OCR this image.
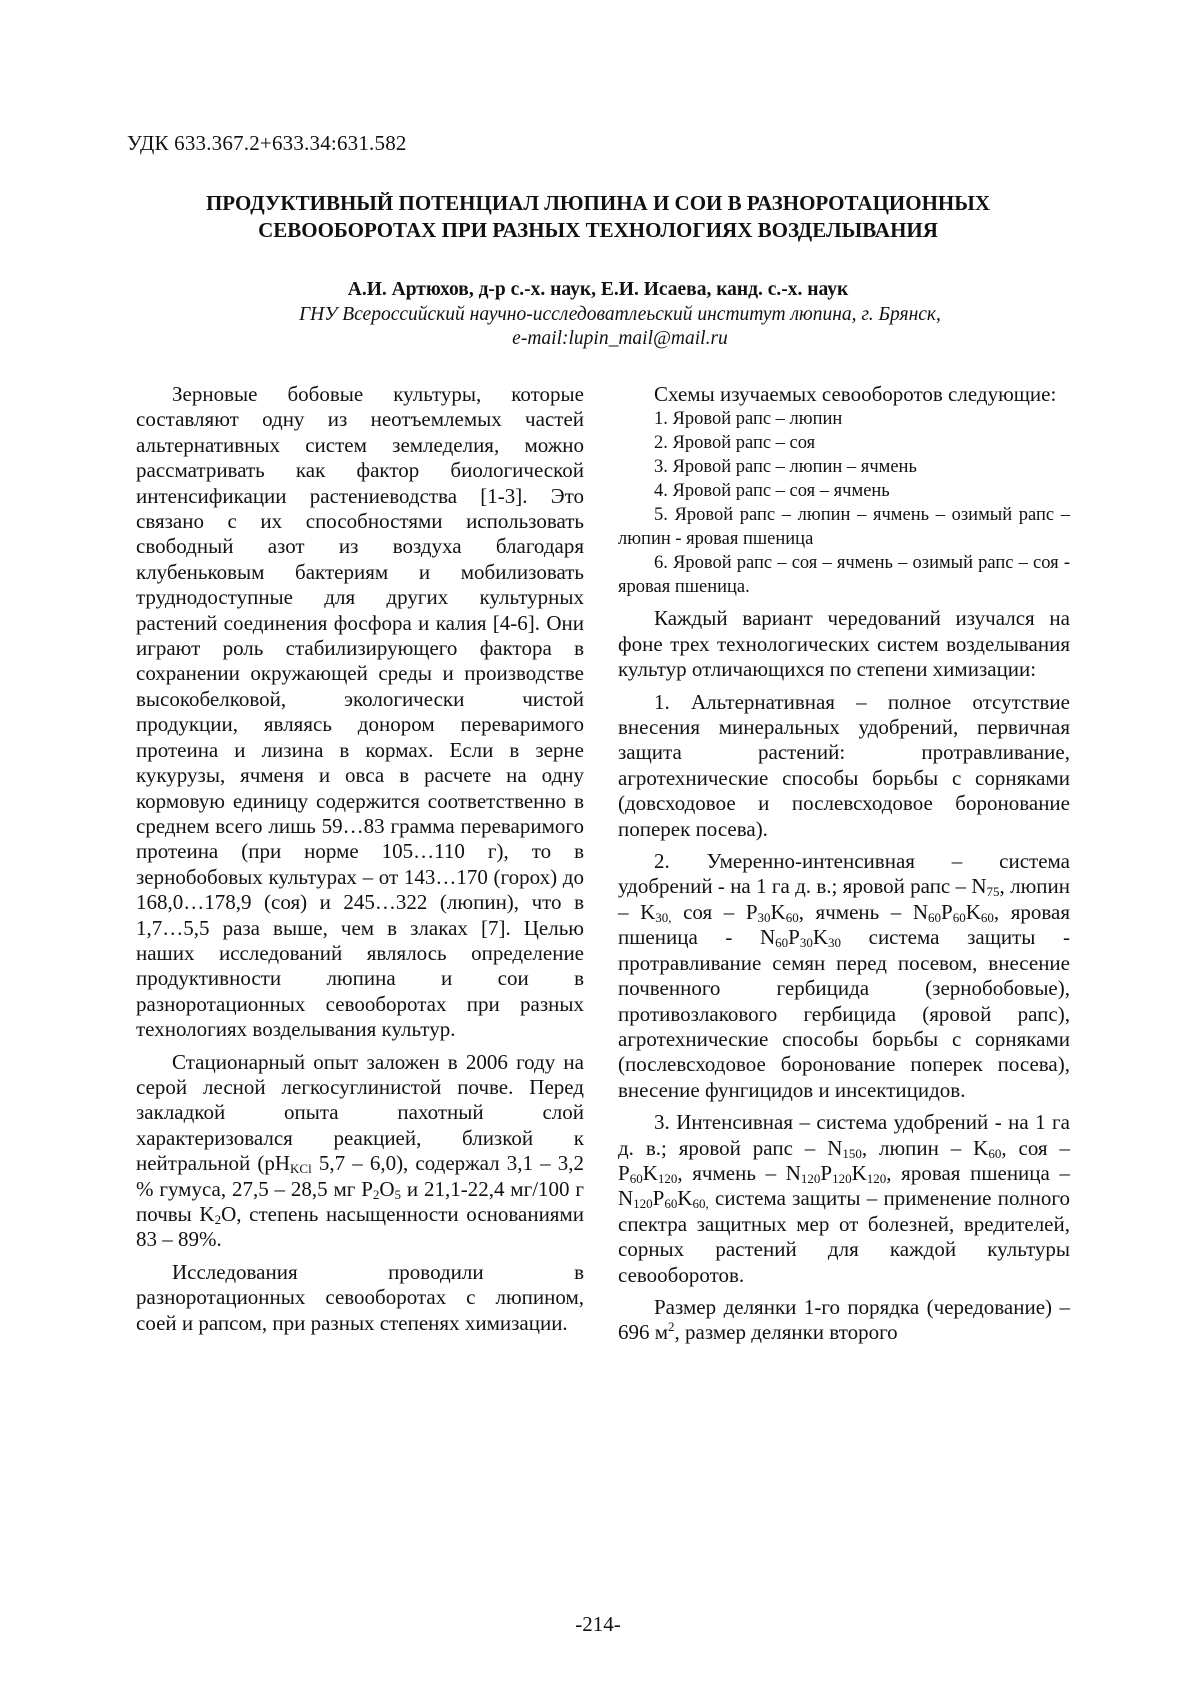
УДК 633.367.2+633.34:631.582
ПРОДУКТИВНЫЙ ПОТЕНЦИАЛ ЛЮПИНА И СОИ В РАЗНОРОТАЦИОННЫХ СЕВООБОРОТАХ ПРИ РАЗНЫХ ТЕХНОЛОГИЯХ ВОЗДЕЛЫВАНИЯ
А.И. Артюхов, д-р с.-х. наук, Е.И. Исаева, канд. с.-х. наук
ГНУ Всероссийский научно-исследоватлеьский институт люпина, г. Брянск,
e-mail:lupin_mail@mail.ru

Зерновые бобовые культуры, которые составляют одну из неотъемлемых частей альтернативных систем земледелия, можно рассматривать как фактор биологической интенсификации растениеводства [1-3]. Это связано с их способностями использовать свободный азот из воздуха благодаря клубеньковым бактериям и мобилизовать труднодоступные для других культурных растений соединения фосфора и калия [4-6]. Они играют роль стабилизирующего фактора в сохранении окружающей среды и производстве высокобелковой, экологически чистой продукции, являясь донором переваримого протеина и лизина в кормах. Если в зерне кукурузы, ячменя и овса в расчете на одну кормовую единицу содержится соответственно в среднем всего лишь 59…83 грамма переваримого протеина (при норме 105…110 г), то в зернобобовых культурах – от 143…170 (горох) до 168,0…178,9 (соя) и 245…322 (люпин), что в 1,7…5,5 раза выше, чем в злаках [7]. Целью наших исследований являлось определение продуктивности люпина и сои в разноротационных севооборотах при разных технологиях возделывания культур.

Стационарный опыт заложен в 2006 году на серой лесной легкосуглинистой почве. Перед закладкой опыта пахотный слой характеризовался реакцией, близкой к нейтральной ($pH_{KCl}$ 5,7 – 6,0), содержал 3,1 – 3,2 % гумуса, 27,5 – 28,5 мг $P_2O_5$ и 21,1-22,4 мг/100 г почвы $K_2O$, степень насыщенности основаниями 83 – 89%.

Исследования проводили в разноротационных севооборотах с люпином, соей и рапсом, при разных степенях химизации.

Схемы изучаемых севооборотов следующие:

1. Яровой рапс – люпин
2. Яровой рапс – соя
3. Яровой рапс – люпин – ячмень
4. Яровой рапс – соя – ячмень
5. Яровой рапс – люпин – ячмень – озимый рапс – люпин - яровая пшеница
6. Яровой рапс – соя – ячмень – озимый рапс – соя - яровая пшеница.

Каждый вариант чередований изучался на фоне трех технологических систем возделывания культур отличающихся по степени химизации:

1. Альтернативная – полное отсутствие внесения минеральных удобрений, первичная защита растений: протравливание, агротехнические способы борьбы с сорняками (довсходовое и послевсходовое боронование поперек посева).

2. Умеренно-интенсивная – система удобрений - на 1 га д. в.; яровой рапс – $N_{75}$, люпин – $K_{30,}$ соя – $P_{30}K_{60}$, ячмень – $N_{60}P_{60}K_{60}$, яровая пшеница - $N_{60}P_{30}K_{30}$ система защиты - протравливание семян перед посевом, внесение почвенного гербицида (зернобобовые), противозлакового гербицида (яровой рапс), агротехнические способы борьбы с сорняками (послевсходовое боронование поперек посева), внесение фунгицидов и инсектицидов.

3. Интенсивная – система удобрений - на 1 га д. в.; яровой рапс – $N_{150}$, люпин – $K_{60}$, соя – $P_{60}K_{120}$, ячмень – $N_{120}P_{120}K_{120}$, яровая пшеница – $N_{120}P_{60}K_{60,}$ система защиты – применение полного спектра защитных мер от болезней, вредителей, сорных растений для каждой культуры севооборотов.

Размер делянки 1-го порядка (чередование) – 696 $м^2$, размер делянки второго

-214-
